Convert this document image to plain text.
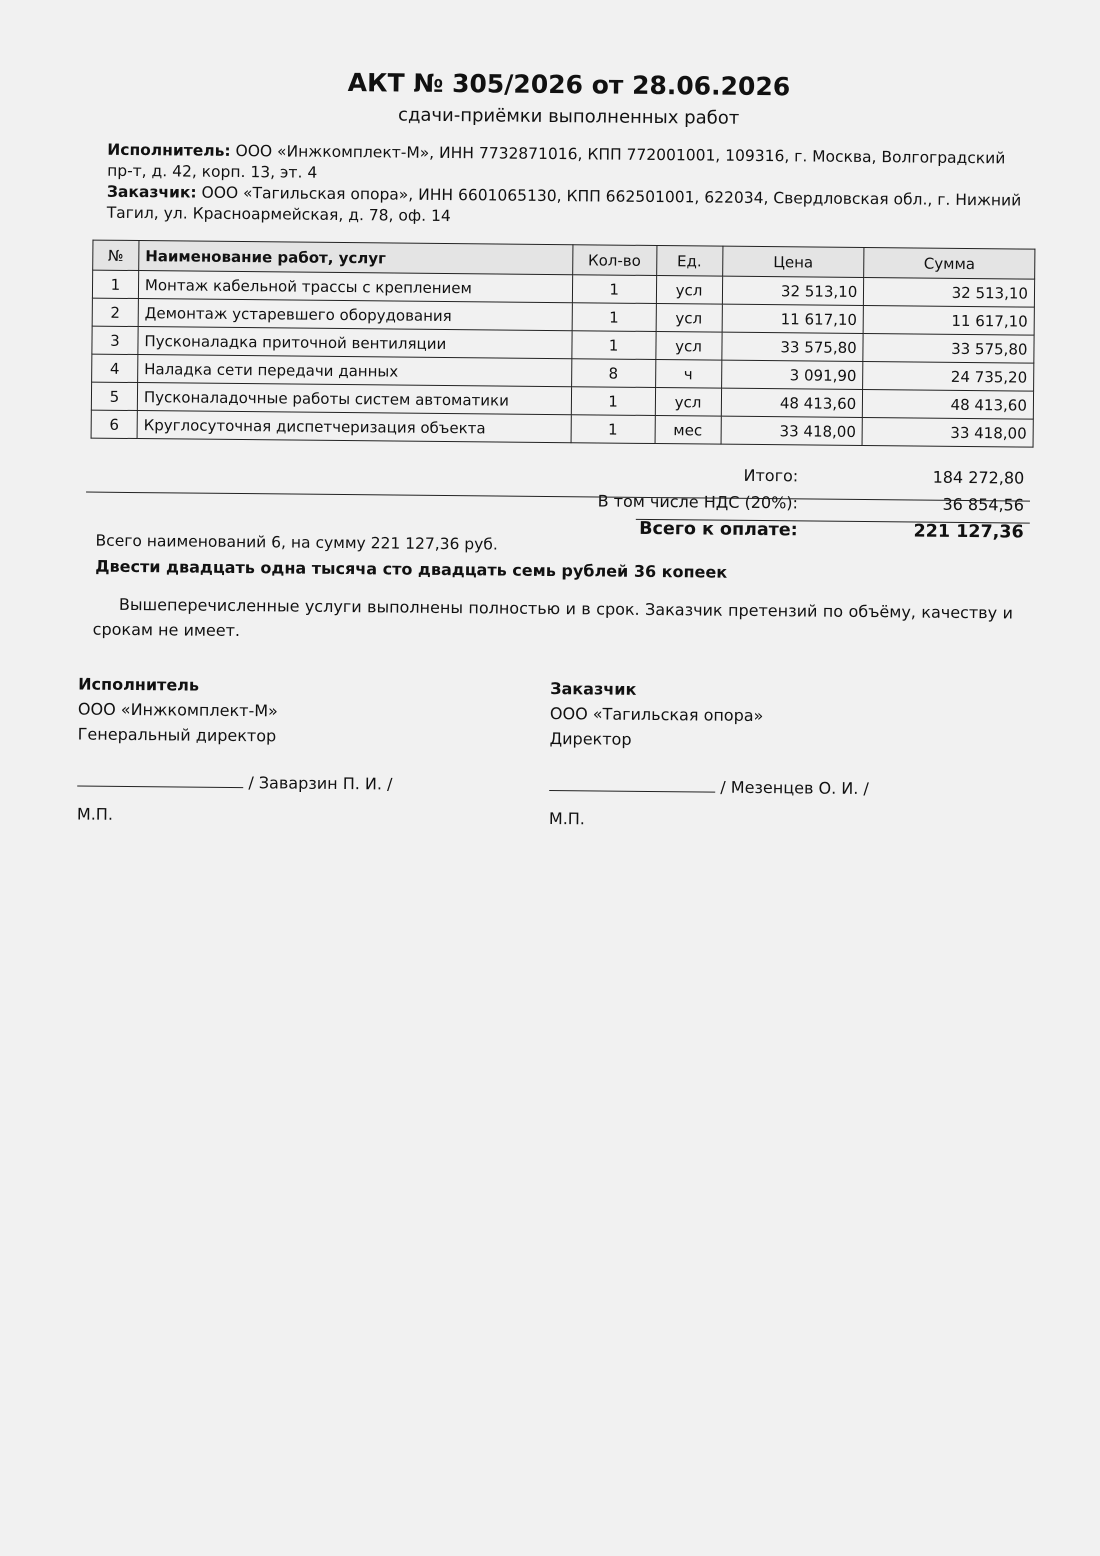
АКТ № 305/2026 от 28.06.2026
сдачи-приёмки выполненных работ
Исполнитель: ООО «Инжкомплект-М», ИНН 7732871016, КПП 772001001, 109316, г. Москва, Волгоградский пр-т, д. 42, корп. 13, эт. 4
Заказчик: ООО «Тагильская опора», ИНН 6601065130, КПП 662501001, 622034, Свердловская обл., г. Нижний Тагил, ул. Красноармейская, д. 78, оф. 14
№	Наименование работ, услуг	Кол-во	Ед.	Цена	Сумма
1	Монтаж кабельной трассы с креплением	1	усл	32 513,10	32 513,10
2	Демонтаж устаревшего оборудования	1	усл	11 617,10	11 617,10
3	Пусконаладка приточной вентиляции	1	усл	33 575,80	33 575,80
4	Наладка сети передачи данных	8	ч	3 091,90	24 735,20
5	Пусконаладочные работы систем автоматики	1	усл	48 413,60	48 413,60
6	Круглосуточная диспетчеризация объекта	1	мес	33 418,00	33 418,00
Итого:	184 272,80
В том числе НДС (20%):	36 854,56
Всего к оплате:	221 127,36
Всего наименований 6, на сумму 221 127,36 руб.
Двести двадцать одна тысяча сто двадцать семь рублей 36 копеек
Вышеперечисленные услуги выполнены полностью и в срок. Заказчик претензий по объёму, качеству и срокам не имеет.
Исполнитель
ООО «Инжкомплект-М»
Генеральный директор
/ Заварзин П. И. /
М.П.
Заказчик
ООО «Тагильская опора»
Директор
/ Мезенцев О. И. /
М.П.
